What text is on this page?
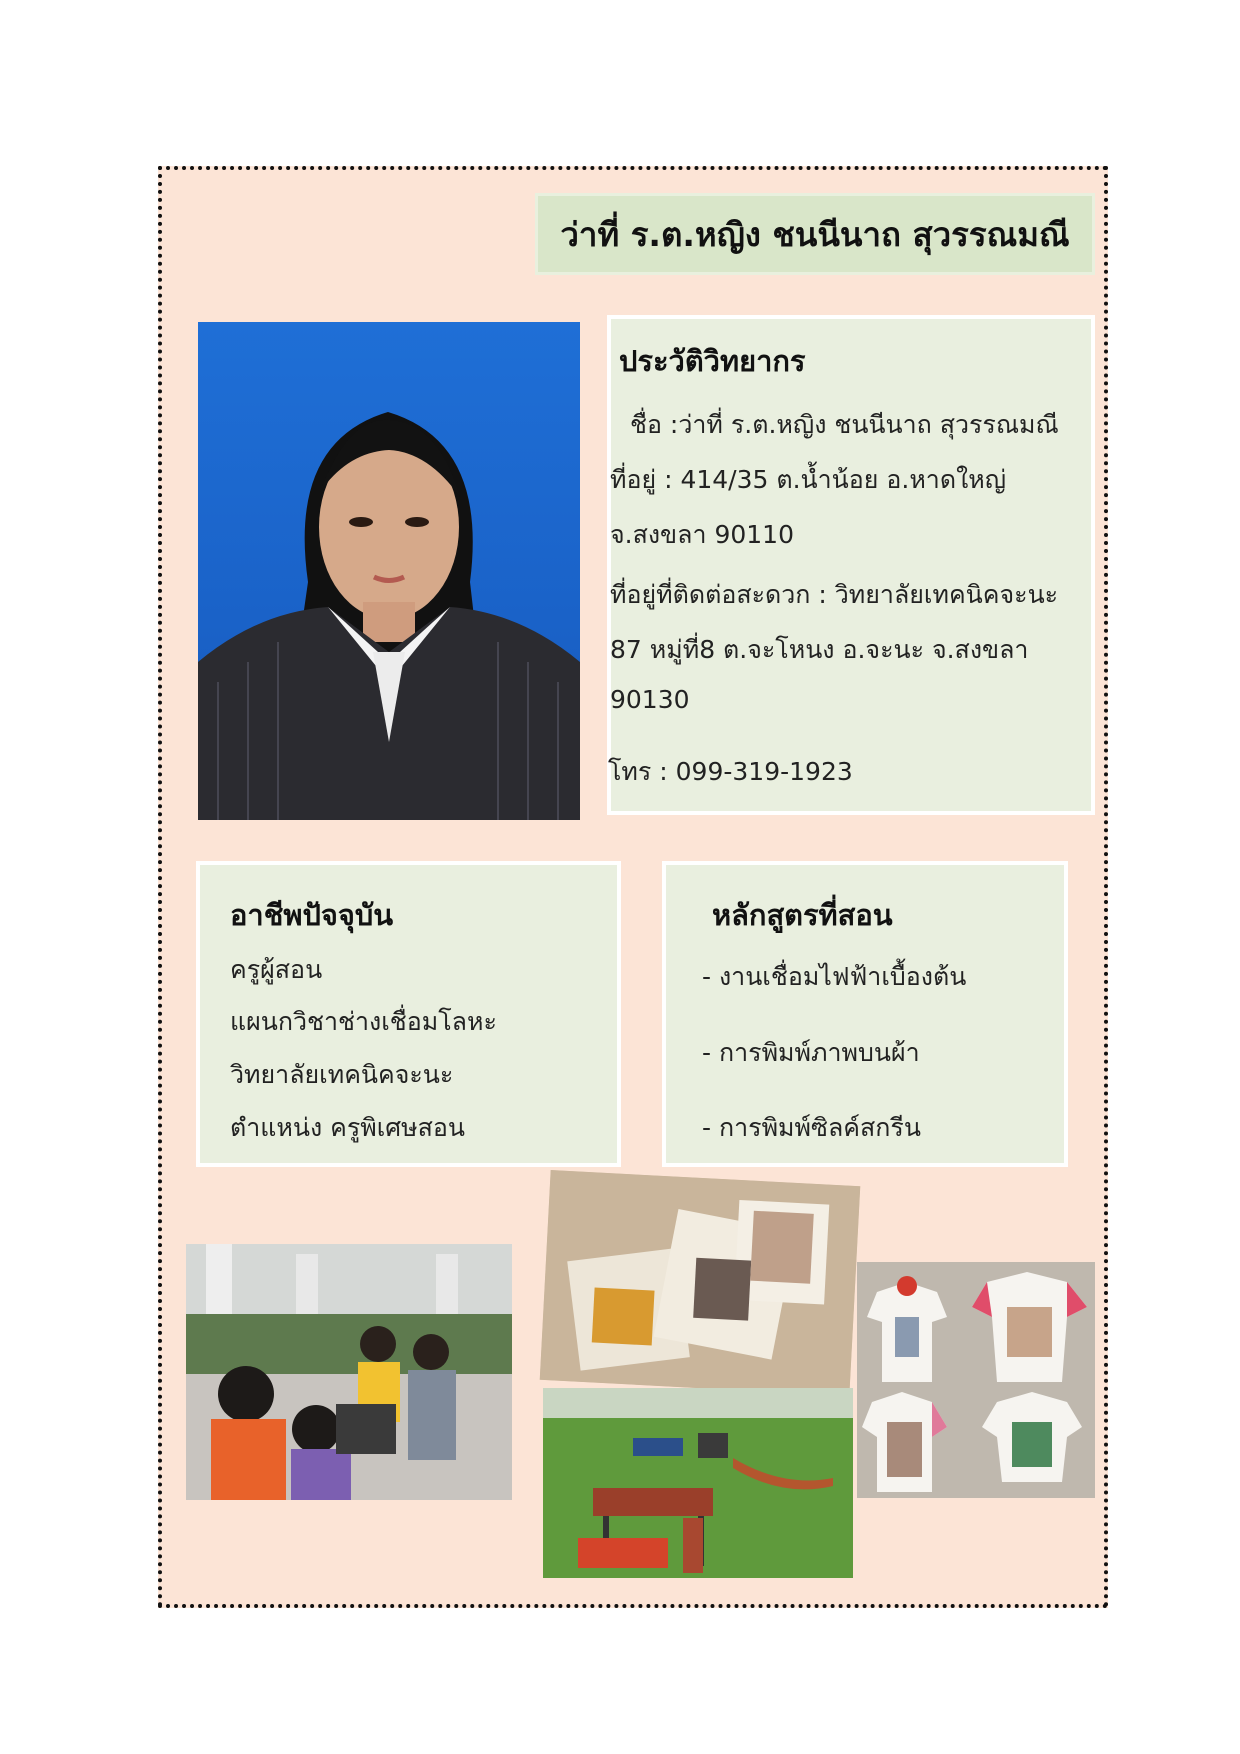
ว่าที่ ร.ต.หญิง ชนนีนาถ สุวรรณมณี
ประวัติวิทยากร
ชื่อ :ว่าที่ ร.ต.หญิง ชนนีนาถ สุวรรณมณี
ที่อยู่ : 414/35 ต.น้ำน้อย อ.หาดใหญ่
จ.สงขลา 90110
ที่อยู่ที่ติดต่อสะดวก : วิทยาลัยเทคนิคจะนะ
87 หมู่ที่8 ต.จะโหนง อ.จะนะ จ.สงขลา
90130
โทร : 099-319-1923
อาชีพปัจจุบัน
ครูผู้สอน
แผนกวิชาช่างเชื่อมโลหะ
วิทยาลัยเทคนิคจะนะ
ตำแหน่ง ครูพิเศษสอน
หลักสูตรที่สอน
- งานเชื่อมไฟฟ้าเบื้องต้น
- การพิมพ์ภาพบนผ้า
- การพิมพ์ซิลค์สกรีน
